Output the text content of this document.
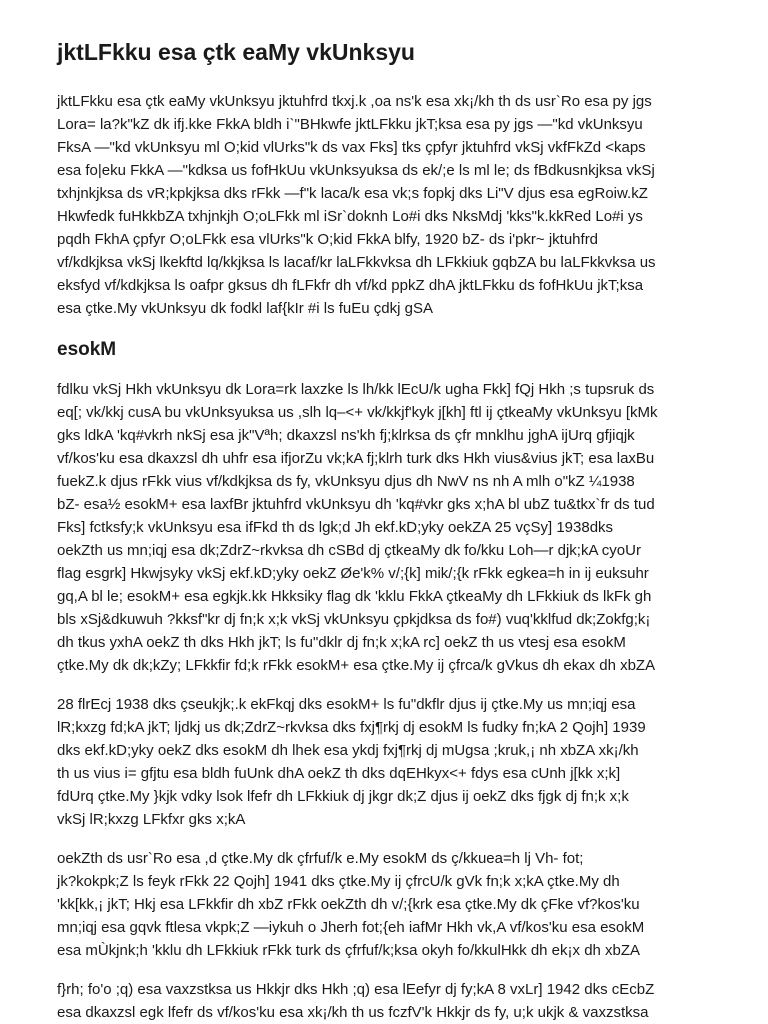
jktLFkku esa çtk eaMy vkUnksyu

jktLFkku esa çtk eaMy vkUnksyu jktuhfrd tkxj.k ,oa ns'k esa xk¡/kh th ds usr`Ro esa py jgs
Lora= la?k"kZ dk ifj.kke FkkA bldh i`"BHkwfe jktLFkku jkT;ksa esa py jgs —"kd vkUnksyu
FksA —"kd vkUnksyu ml O;kid vlUrks"k ds vax Fks] tks çpfyr jktuhfrd vkSj vkfFkZd <kaps
esa fo|eku FkkA —"kdksa us fofHkUu vkUnksyuksa ds ek/;e ls ml le; ds fBdkusnkjksa vkSj
txhjnkjksa ds vR;kpkjksa dks rFkk —f"k laca/k esa vk;s fopkj dks Li"V djus esa egRoiw.kZ
Hkwfedk fuHkkbZA txhjnkjh O;oLFkk ml iSr`doknh Lo#i dks NksMdj 'kks"k.kkRed Lo#i ys
pqdh FkhA çpfyr O;oLFkk esa vlUrks"k O;kid FkkA blfy, 1920 bZ- ds i'pkr~ jktuhfrd
vf/kdkjksa vkSj lkekftd lq/kkjksa ls lacaf/kr laLFkkvksa dh LFkkiuk gqbZA bu laLFkkvksa us
eksfyd vf/kdkjksa ls oafpr gksus dh fLFkfr dh vf/kd ppkZ dhA jktLFkku ds fofHkUu jkT;ksa
esa çtke.My vkUnksyu dk fodkl laf{kIr #i ls fuEu çdkj gSA

esokM

fdlku vkSj Hkh vkUnksyu dk Lora=rk laxzke ls lh/kk lEcU/k ugha Fkk] fQj Hkh ;s tupsruk ds
eq[; vk/kkj cusA bu vkUnksyuksa us ,slh lq–<+ vk/kkjf'kyk j[kh] ftl ij çtkeaMy vkUnksyu [kMk
gks ldkA 'kq#vkrh nkSj esa jk"Vªh; dkaxzsl ns'kh fj;klrksa ds çfr mnklhu jghA ijUrq gfjiqjk
vf/kos'ku esa dkaxzsl dh uhfr esa ifjorZu vk;kA fj;klrh turk dks Hkh vius&vius jkT; esa laxBu
fuekZ.k djus rFkk vius vf/kdkjksa ds fy, vkUnksyu djus dh NwV ns nh A mlh o"kZ ¼1938
bZ- esa½ esokM+ esa laxfBr jktuhfrd vkUnksyu dh 'kq#vkr gks x;hA bl ubZ tu&tkx`fr ds tud
Fks] fctksfy;k vkUnksyu esa ifFkd th ds lgk;d Jh ekf.kD;yky oekZA 25 vçSy] 1938dks
oekZth us mn;iqj esa dk;ZdrZ~rkvksa dh cSBd dj çtkeaMy dk fo/kku Loh—r djk;kA cyoUr
flag esgrk] Hkwjsyky vkSj ekf.kD;yky oekZ Øe'k% v/;{k] mik/;{k rFkk egkea=h in ij euksuhr
gq,A bl le; esokM+ esa egkjk.kk Hkksiky flag dk 'kklu FkkA çtkeaMy dh LFkkiuk ds lkFk gh
bls xSj&dkuwuh ?kksf"kr dj fn;k x;k vkSj vkUnksyu çpkjdksa ds fo#) vuq'kklfud dk;Zokfg;k¡
dh tkus yxhA oekZ th dks Hkh jkT; ls fu"dklr dj fn;k x;kA rc] oekZ th us vtesj esa esokM
çtke.My dk dk;kZy; LFkkfir fd;k rFkk esokM+ esa çtke.My ij çfrca/k gVkus dh ekax dh xbZA

28 flrEcj 1938 dks çseukjk;.k ekFkqj dks esokM+ ls fu"dkflr djus ij çtke.My us mn;iqj esa
lR;kxzg fd;kA jkT; ljdkj us dk;ZdrZ~rkvksa dks fxj¶rkj dj esokM ls fudky fn;kA 2 Qojh] 1939
dks ekf.kD;yky oekZ dks esokM dh lhek esa ykdj fxj¶rkj dj mUgsa ;kruk,¡ nh xbZA xk¡/kh
th us vius i= gfjtu esa bldh fuUnk dhA oekZ th dks dqEHkyx<+ fdys esa cUnh j[kk x;k]
fdUrq çtke.My }kjk vdky lsok lfefr dh LFkkiuk dj jkgr dk;Z djus ij oekZ dks fjgk dj fn;k x;k
vkSj lR;kxzg LFkfxr gks x;kA

oekZth ds usr`Ro esa ,d çtke.My dk çfrfuf/k e.My esokM ds ç/kkuea=h lj Vh- fot;
jk?kokpk;Z ls feyk rFkk 22 Qojh] 1941 dks çtke.My ij çfrcU/k gVk fn;k x;kA çtke.My dh
'kk[kk,¡ jkT; Hkj esa LFkkfir dh xbZ rFkk oekZth dh v/;{krk esa çtke.My dk çFke vf?kos'ku
mn;iqj esa gqvk ftlesa vkpk;Z —iykuh o Jherh fot;{eh iafMr Hkh vk,A vf/kos'ku esa esokM
esa mÙkjnk;h 'kklu dh LFkkiuk rFkk turk ds çfrfuf/k;ksa okyh fo/kkulHkk dh ek¡x dh xbZA

f}rh; fo'o ;q) esa vaxzstksa us Hkkjr dks Hkh ;q) esa lEefyr dj fy;kA 8 vxLr] 1942 dks cEcbZ
esa dkaxzsl egk lfefr ds vf/kos'ku esa xk¡/kh th us fczfV'k Hkkjr ds fy, u;k ukjk & vaxzstksa
